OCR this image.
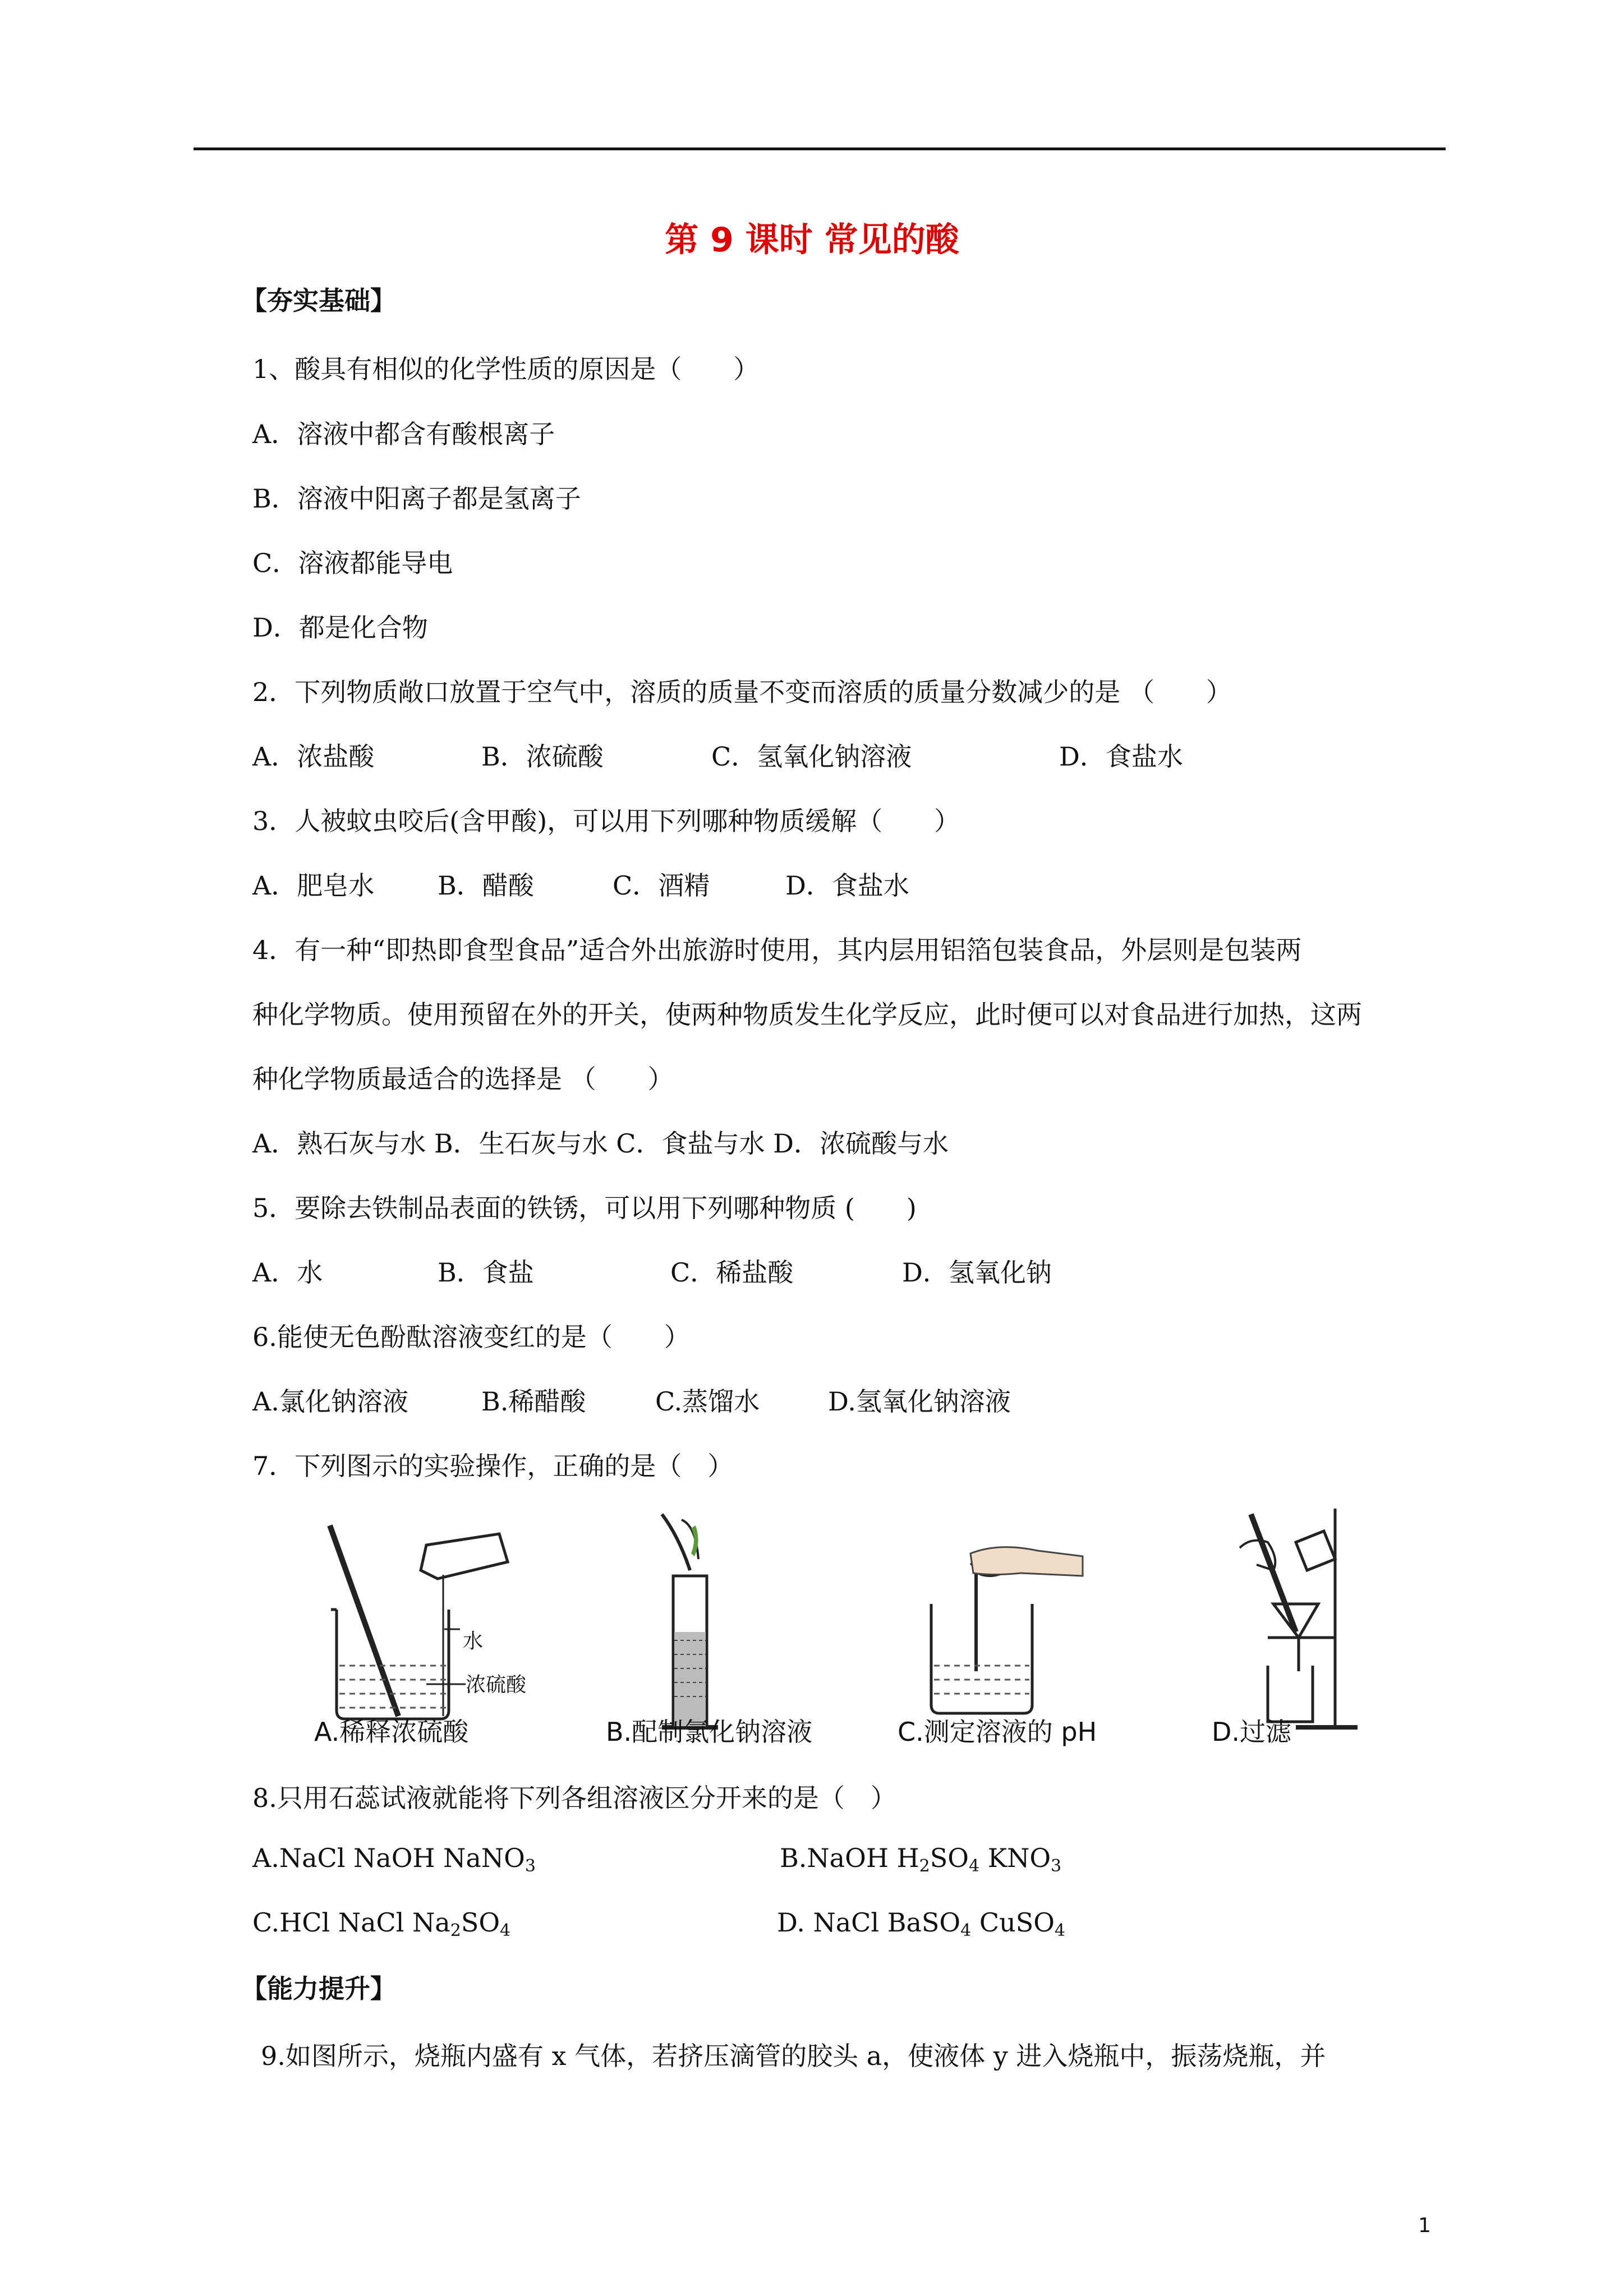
第 9 课时 常见的酸
【夯实基础】
1、酸具有相似的化学性质的原因是（　　）
A．溶液中都含有酸根离子
B．溶液中阳离子都是氢离子
C．溶液都能导电
D．都是化合物
2．下列物质敞口放置于空气中，溶质的质量不变而溶质的质量分数减少的是 （　　）
A．浓盐酸	B．浓硫酸	C．氢氧化钠溶液	D．食盐水
3．人被蚊虫咬后(含甲酸)，可以用下列哪种物质缓解（　　）
A．肥皂水 B．醋酸	C．酒精	D．食盐水
4．有一种“即热即食型食品”适合外出旅游时使用，其内层用铝箔包装食品，外层则是包装两
种化学物质。使用预留在外的开关，使两种物质发生化学反应，此时便可以对食品进行加热，这两
种化学物质最适合的选择是 （　　）
A．熟石灰与水 B．生石灰与水 C．食盐与水 D．浓硫酸与水
5．要除去铁制品表面的铁锈，可以用下列哪种物质 (　　)
A．水	B．食盐	C．稀盐酸	D．氢氧化钠
6.能使无色酚酞溶液变红的是（　　）
A.氯化钠溶液	B.稀醋酸	C.蒸馏水	D.氢氧化钠溶液
7．下列图示的实验操作，正确的是（　）
水
浓硫酸
A.稀释浓硫酸	B.配制氯化钠溶液	C.测定溶液的 pH	D.过滤
8.只用石蕊试液就能将下列各组溶液区分开来的是（　）
A.NaCl NaOH NaNO$_3$	B.NaOH $H_2SO_4$ $KNO_3$
C.HCl NaCl $Na_2SO_4$	D. NaCl BaSO$_4$ CuSO$_4$
【能力提升】
9.如图所示，烧瓶内盛有 x 气体，若挤压滴管的胶头 a，使液体 y 进入烧瓶中，振荡烧瓶，并
1
